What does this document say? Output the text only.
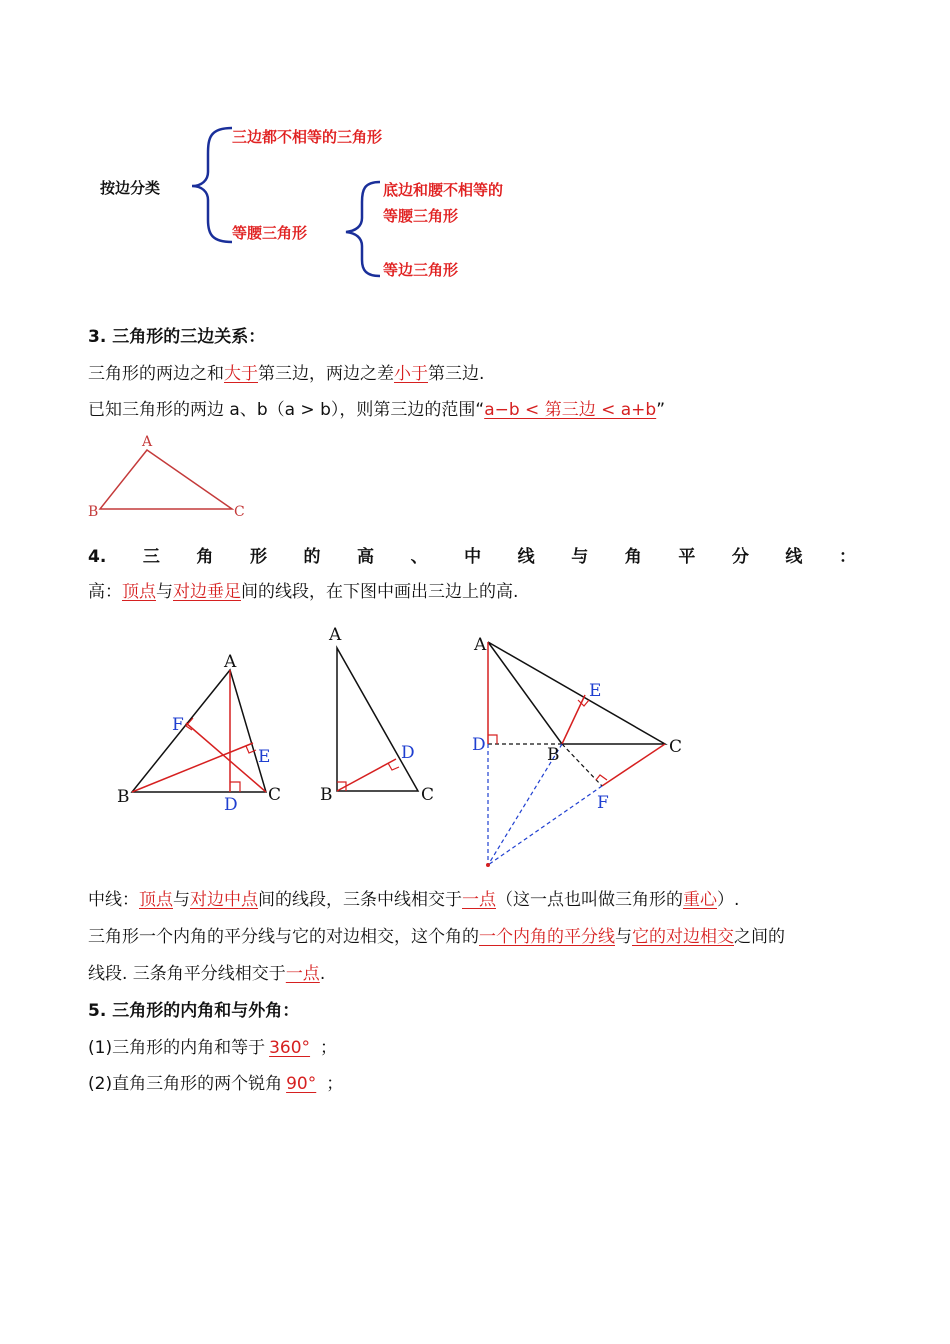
按边分类
三边都不相等的三角形
等腰三角形
底边和腰不相等的
等腰三角形
等边三角形
3. 三角形的三边关系：
三角形的两边之和大于第三边，两边之差小于第三边.
已知三角形的两边 a、b（a > b），则第三边的范围“a−b < 第三边 < a+b”
A
B	C
4. 三 角 形 的 高 、 中 线 与 角 平 分 线 ：
高：顶点与对边垂足间的线段，在下图中画出三边上的高.
A
B	C
D
E
F
A
B	C
D
A
B	C
D
E
F
中线：顶点与对边中点间的线段，三条中线相交于一点（这一点也叫做三角形的重心）.
三角形一个内角的平分线与它的对边相交，这个角的一个内角的平分线与它的对边相交之间的
线段. 三条角平分线相交于一点.
5. 三角形的内角和与外角：
(1)三角形的内角和等于 360° ；
(2)直角三角形的两个锐角 90° ；
